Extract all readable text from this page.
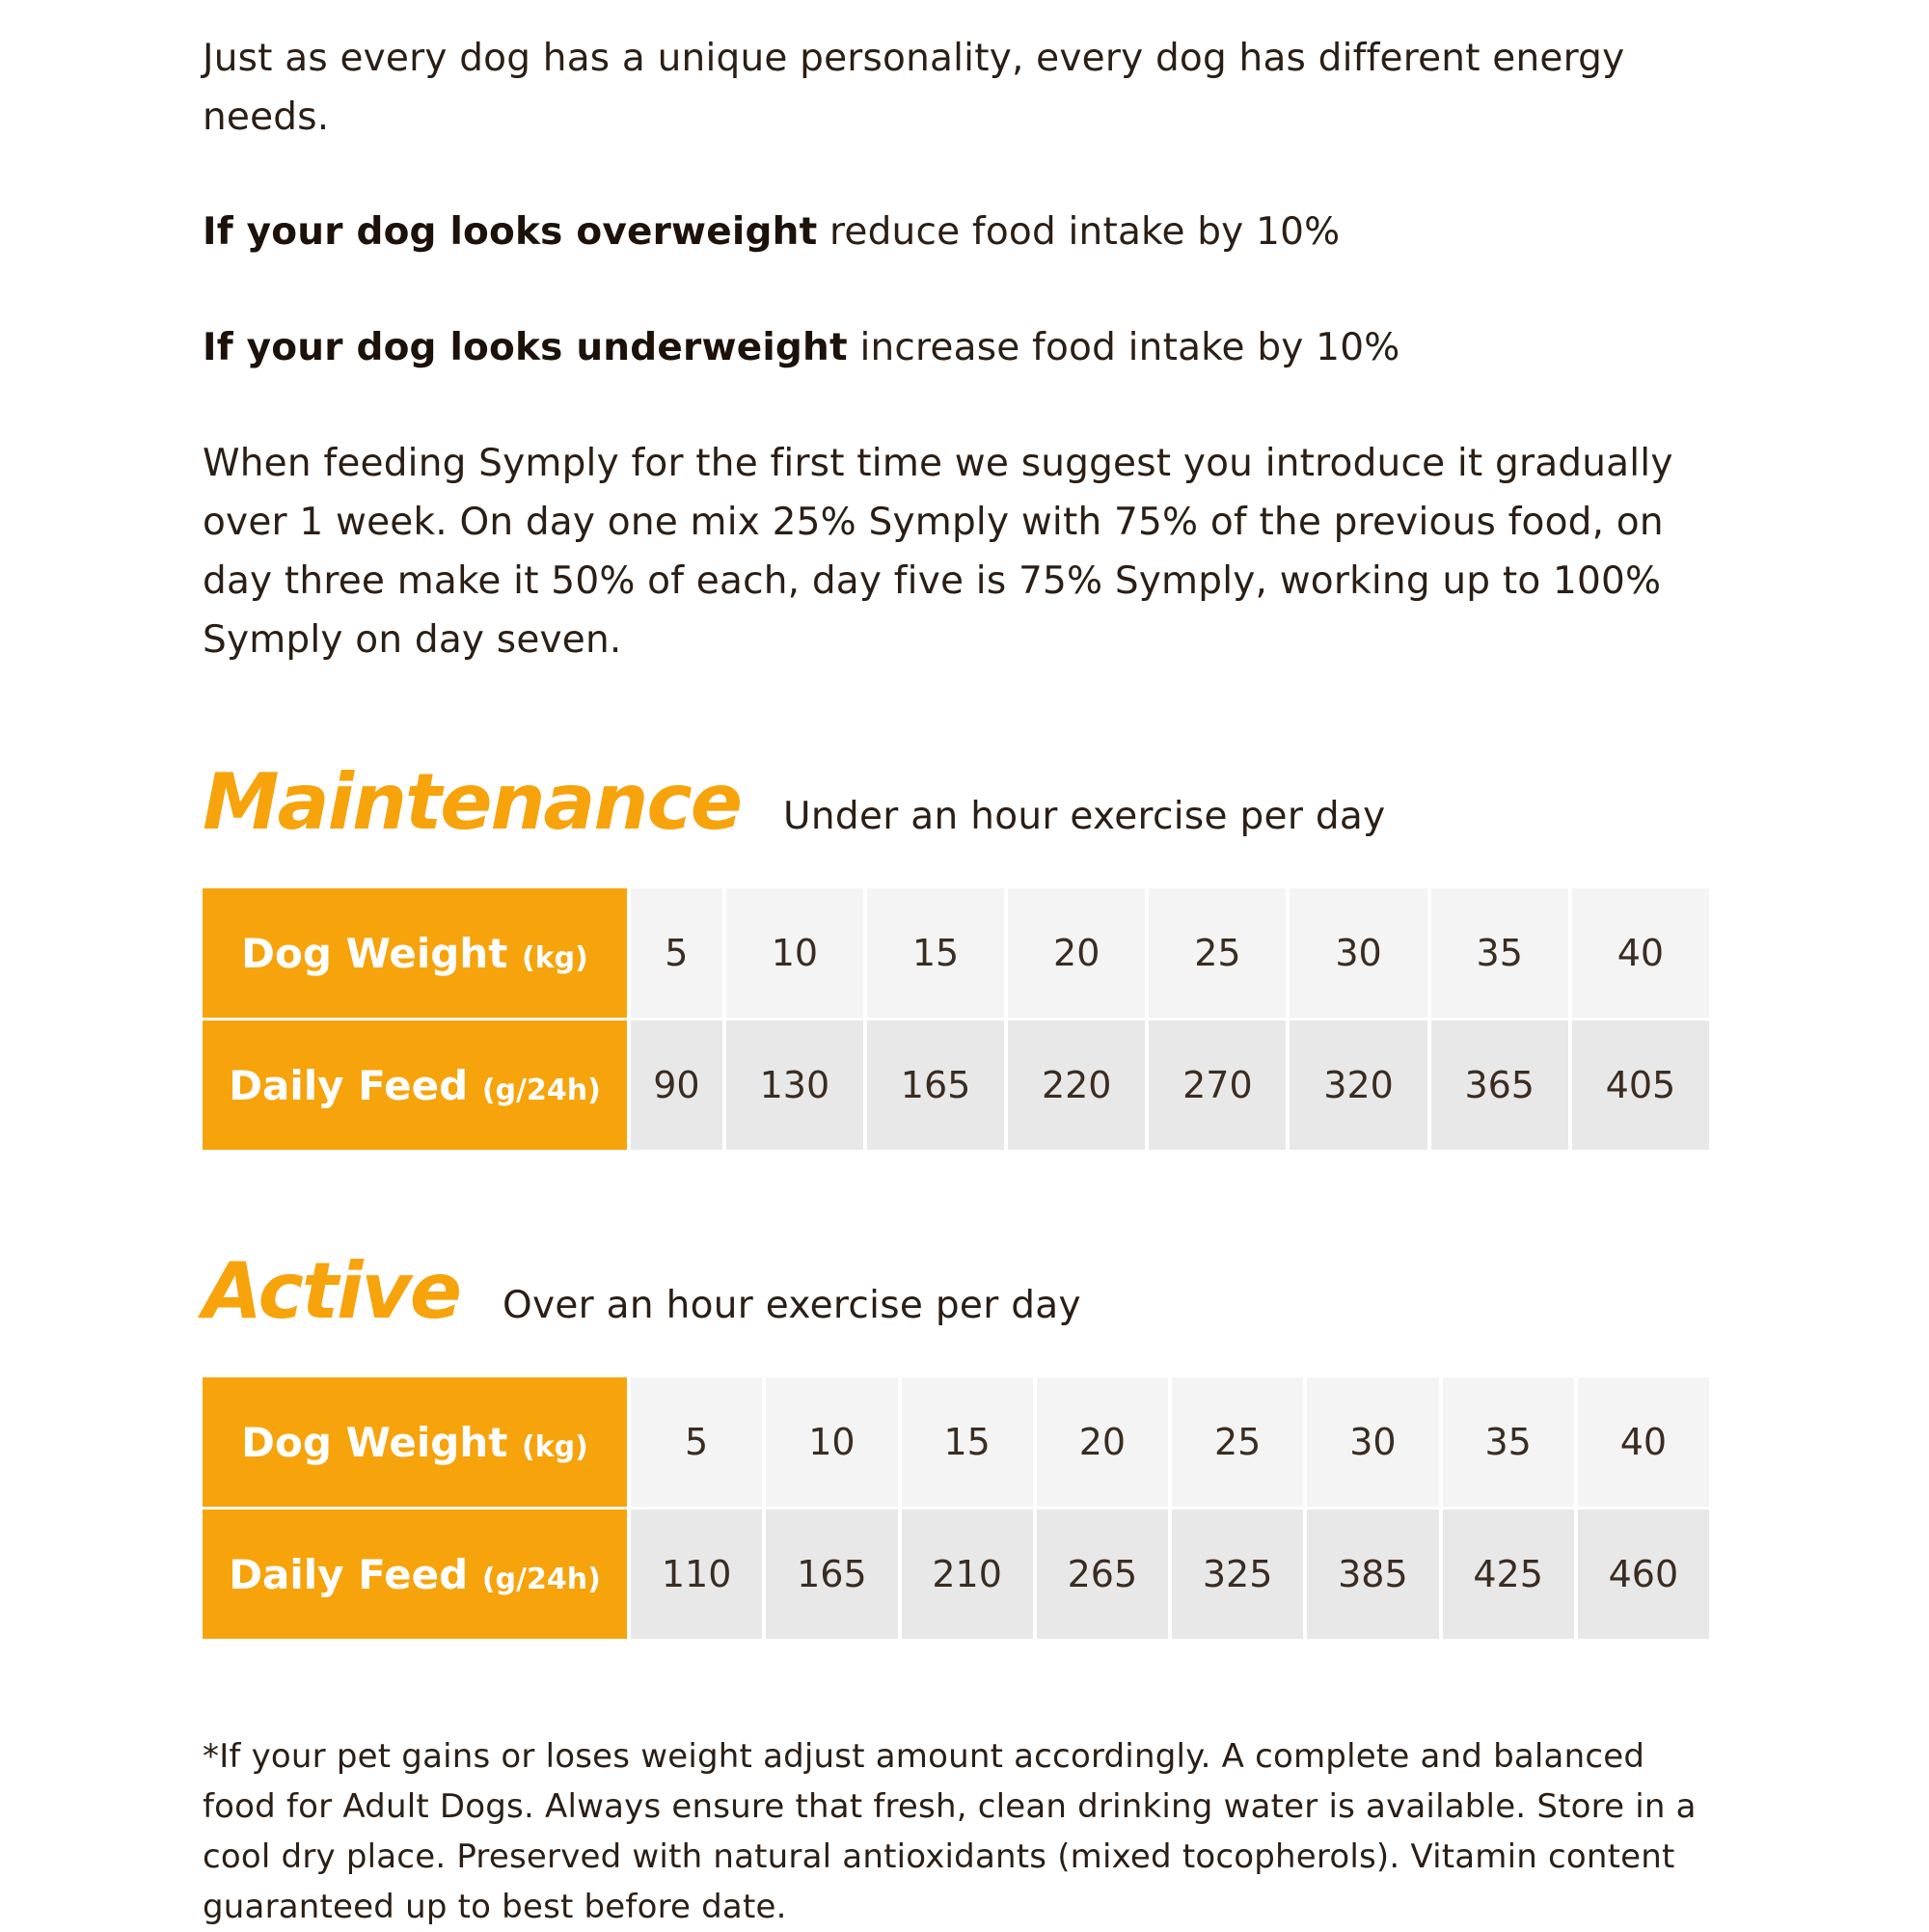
Just as every dog has a unique personality, every dog has different energy needs.

If your dog looks overweight reduce food intake by 10%

If your dog looks underweight increase food intake by 10%

When feeding Symply for the first time we suggest you introduce it gradually over 1 week. On day one mix 25% Symply with 75% of the previous food, on day three make it 50% of each, day five is 75% Symply, working up to 100% Symply on day seven.

Maintenance Under an hour exercise per day
Dog Weight (kg)	5	10	15	20	25	30	35	40
Daily Feed (g/24h)	90	130	165	220	270	320	365	405
Active Over an hour exercise per day
Dog Weight (kg)	5	10	15	20	25	30	35	40
Daily Feed (g/24h)	110	165	210	265	325	385	425	460

*If your pet gains or loses weight adjust amount accordingly. A complete and balanced food for Adult Dogs. Always ensure that fresh, clean drinking water is available. Store in a cool dry place. Preserved with natural antioxidants (mixed tocopherols). Vitamin content guaranteed up to best before date.
